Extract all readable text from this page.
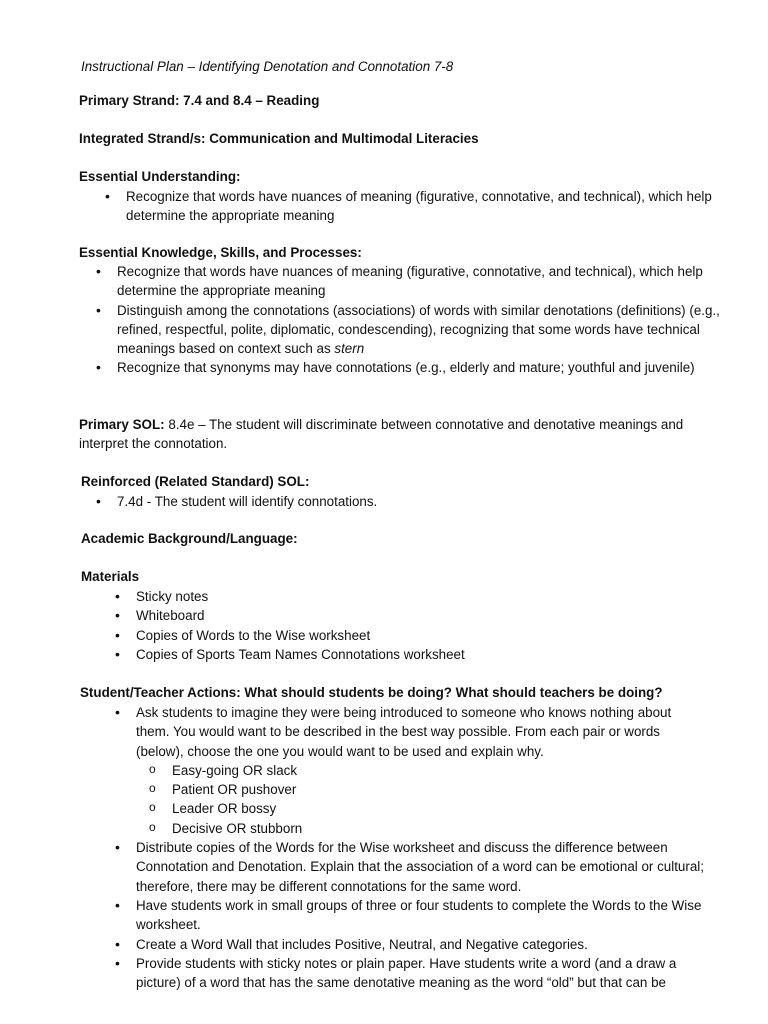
Instructional Plan – Identifying Denotation and Connotation 7-8

Primary Strand: 7.4 and 8.4 – Reading

Integrated Strand/s: Communication and Multimodal Literacies

Essential Understanding:

• Recognize that words have nuances of meaning (figurative, connotative, and technical), which help determine the appropriate meaning

Essential Knowledge, Skills, and Processes:

• Recognize that words have nuances of meaning (figurative, connotative, and technical), which help determine the appropriate meaning
• Distinguish among the connotations (associations) of words with similar denotations (definitions) (e.g., refined, respectful, polite, diplomatic, condescending), recognizing that some words have technical meanings based on context such as stern
• Recognize that synonyms may have connotations (e.g., elderly and mature; youthful and juvenile)

Primary SOL: 8.4e – The student will discriminate between connotative and denotative meanings and interpret the connotation.

Reinforced (Related Standard) SOL:

• 7.4d - The student will identify connotations.

Academic Background/Language:

Materials

• Sticky notes
• Whiteboard
• Copies of Words to the Wise worksheet
• Copies of Sports Team Names Connotations worksheet

Student/Teacher Actions: What should students be doing? What should teachers be doing?

• Ask students to imagine they were being introduced to someone who knows nothing about them. You would want to be described in the best way possible. From each pair or words (below), choose the one you would want to be used and explain why.
o Easy-going OR slack
o Patient OR pushover
o Leader OR bossy
o Decisive OR stubborn
• Distribute copies of the Words for the Wise worksheet and discuss the difference between Connotation and Denotation. Explain that the association of a word can be emotional or cultural; therefore, there may be different connotations for the same word.
• Have students work in small groups of three or four students to complete the Words to the Wise worksheet.
• Create a Word Wall that includes Positive, Neutral, and Negative categories.
• Provide students with sticky notes or plain paper. Have students write a word (and a draw a picture) of a word that has the same denotative meaning as the word “old” but that can be
